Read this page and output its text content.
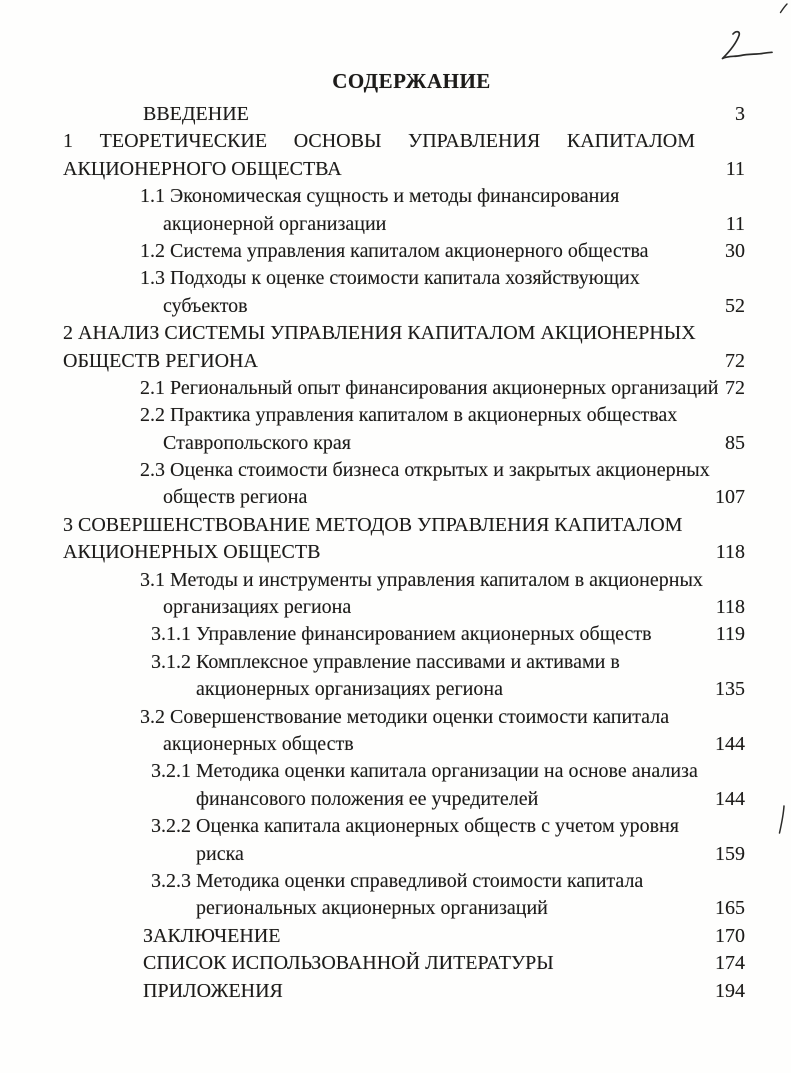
СОДЕРЖАНИЕ
ВВЕДЕНИЕ	3
1 ТЕОРЕТИЧЕСКИЕ ОСНОВЫ УПРАВЛЕНИЯ КАПИТАЛОМ
АКЦИОНЕРНОГО ОБЩЕСТВА	11
1.1 Экономическая сущность и методы финансирования
акционерной организации	11
1.2 Система управления капиталом акционерного общества	30
1.3 Подходы к оценке стоимости капитала хозяйствующих
субъектов	52
2 АНАЛИЗ СИСТЕМЫ УПРАВЛЕНИЯ КАПИТАЛОМ АКЦИОНЕРНЫХ
ОБЩЕСТВ РЕГИОНА	72
2.1 Региональный опыт финансирования акционерных организаций 72
2.2 Практика управления капиталом в акционерных обществах
Ставропольского края	85
2.3 Оценка стоимости бизнеса открытых и закрытых акционерных
обществ региона	107
3 СОВЕРШЕНСТВОВАНИЕ МЕТОДОВ УПРАВЛЕНИЯ КАПИТАЛОМ
АКЦИОНЕРНЫХ ОБЩЕСТВ	118
3.1 Методы и инструменты управления капиталом в акционерных
организациях региона	118
3.1.1 Управление финансированием акционерных обществ	119
3.1.2 Комплексное управление пассивами и активами в
акционерных организациях региона	135
3.2 Совершенствование методики оценки стоимости капитала
акционерных обществ	144
3.2.1 Методика оценки капитала организации на основе анализа
финансового положения ее учредителей	144
3.2.2 Оценка капитала акционерных обществ с учетом уровня
риска	159
3.2.3 Методика оценки справедливой стоимости капитала
региональных акционерных организаций	165
ЗАКЛЮЧЕНИЕ	170
СПИСОК ИСПОЛЬЗОВАННОЙ ЛИТЕРАТУРЫ	174
ПРИЛОЖЕНИЯ	194
